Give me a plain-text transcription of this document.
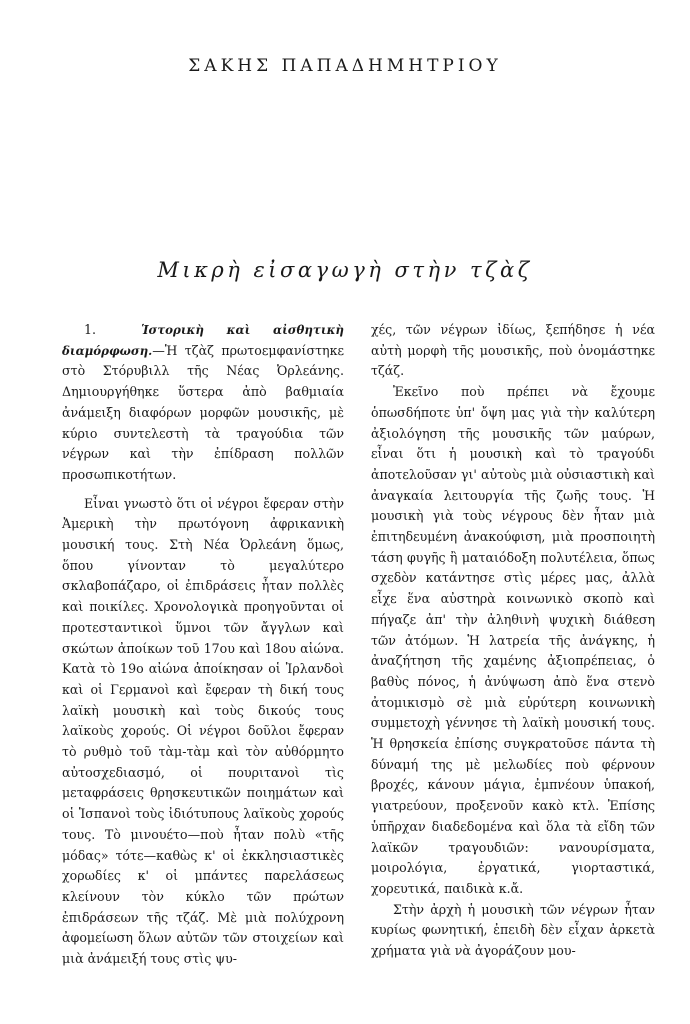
ΣΑΚΗΣ ΠΑΠΑΔΗΜΗΤΡΙΟΥ
Μικρὴ εἰσαγωγὴ στὴν τζὰζ

1.	Ἱστορικὴ καὶ αἰσθητικὴ διαμόρφωση.—Ἡ τζὰζ πρωτοεμφανίστηκε στὸ Στόρυβιλλ τῆς Νέας Ὀρλεάνης. Δημιουργήθηκε ὕστερα ἀπὸ βαθμιαία ἀνάμειξη διαφόρων μορφῶν μουσικῆς, μὲ κύριο συντελεστὴ τὰ τραγούδια τῶν νέγρων καὶ τὴν ἐπίδραση πολλῶν προσωπικοτήτων.

Εἶναι γνωστὸ ὅτι οἱ νέγροι ἔφεραν στὴν Ἀμερικὴ τὴν πρωτόγονη ἀφρικανικὴ μουσική τους. Στὴ Νέα Ὀρλεάνη ὅμως, ὅπου γίνονταν τὸ μεγαλύτερο σκλαβοπάζαρο, οἱ ἐπιδράσεις ἦταν πολλὲς καὶ ποικίλες. Χρονολογικὰ προηγοῦνται οἱ προτεσταντικοὶ ὕμνοι τῶν ἄγγλων καὶ σκώτων ἀποίκων τοῦ 17ου καὶ 18ου αἰώνα. Κατὰ τὸ 19ο αἰώνα ἀποίκησαν οἱ Ἰρλανδοὶ καὶ οἱ Γερμανοὶ καὶ ἔφεραν τὴ δική τους λαϊκὴ μουσικὴ καὶ τοὺς δικούς τους λαϊκοὺς χορούς. Οἱ νέγροι δοῦλοι ἔφεραν τὸ ρυθμὸ τοῦ τὰμ-τὰμ καὶ τὸν αὐθόρμητο αὐτοσχεδιασμό, οἱ πουριτανοὶ τὶς μεταφράσεις θρησκευτικῶν ποιημάτων καὶ οἱ Ἱσπανοὶ τοὺς ἰδιότυπους λαϊκοὺς χορούς τους. Τὸ μινουέτο—ποὺ ἦταν πολὺ «τῆς μόδας» τότε—καθὼς κ' οἱ ἐκκλησιαστικὲς χορωδίες κ' οἱ μπάντες παρελάσεως κλείνουν τὸν κύκλο τῶν πρώτων ἐπιδράσεων τῆς τζάζ. Μὲ μιὰ πολύχρονη ἀφομείωση ὅλων αὐτῶν τῶν στοιχείων καὶ μιὰ ἀνάμειξή τους στὶς ψυ-

χές, τῶν νέγρων ἰδίως, ξεπήδησε ἡ νέα αὐτὴ μορφὴ τῆς μουσικῆς, ποὺ ὀνομάστηκε τζάζ.

Ἐκεῖνο ποὺ πρέπει νὰ ἔχουμε ὁπωσδήποτε ὑπ' ὄψη μας γιὰ τὴν καλύτερη ἀξιολόγηση τῆς μουσικῆς τῶν μαύρων, εἶναι ὅτι ἡ μουσικὴ καὶ τὸ τραγούδι ἀποτελοῦσαν γι' αὐτοὺς μιὰ οὐσιαστικὴ καὶ ἀναγκαία λειτουργία τῆς ζωῆς τους. Ἡ μουσικὴ γιὰ τοὺς νέγρους δὲν ἦταν μιὰ ἐπιτηδευμένη ἀνακούφιση, μιὰ προσποιητὴ τάση φυγῆς ἢ ματαιόδοξη πολυτέλεια, ὅπως σχεδὸν κατάντησε στὶς μέρες μας, ἀλλὰ εἶχε ἕνα αὐστηρὰ κοινωνικὸ σκοπὸ καὶ πήγαζε ἀπ' τὴν ἀληθινὴ ψυχικὴ διάθεση τῶν ἀτόμων. Ἡ λατρεία τῆς ἀνάγκης, ἡ ἀναζήτηση τῆς χαμένης ἀξιοπρέπειας, ὁ βαθὺς πόνος, ἡ ἀνύψωση ἀπὸ ἕνα στενὸ ἀτομικισμὸ σὲ μιὰ εὐρύτερη κοινωνικὴ συμμετοχὴ γέννησε τὴ λαϊκὴ μουσική τους. Ἡ θρησκεία ἐπίσης συγκρατοῦσε πάντα τὴ δύναμή της μὲ μελωδίες ποὺ φέρνουν βροχές, κάνουν μάγια, ἐμπνέουν ὑπακοή, γιατρεύουν, προξενοῦν κακὸ κτλ. Ἐπίσης ὑπῆρχαν διαδεδομένα καὶ ὅλα τὰ εἴδη τῶν λαϊκῶν τραγουδιῶν: νανουρίσματα, μοιρολόγια, ἐργατικά, γιορταστικά, χορευτικά, παιδικὰ κ.ἄ.

Στὴν ἀρχὴ ἡ μουσικὴ τῶν νέγρων ἦταν κυρίως φωνητική, ἐπειδὴ δὲν εἶχαν ἀρκετὰ χρήματα γιὰ νὰ ἀγοράζουν μου-
